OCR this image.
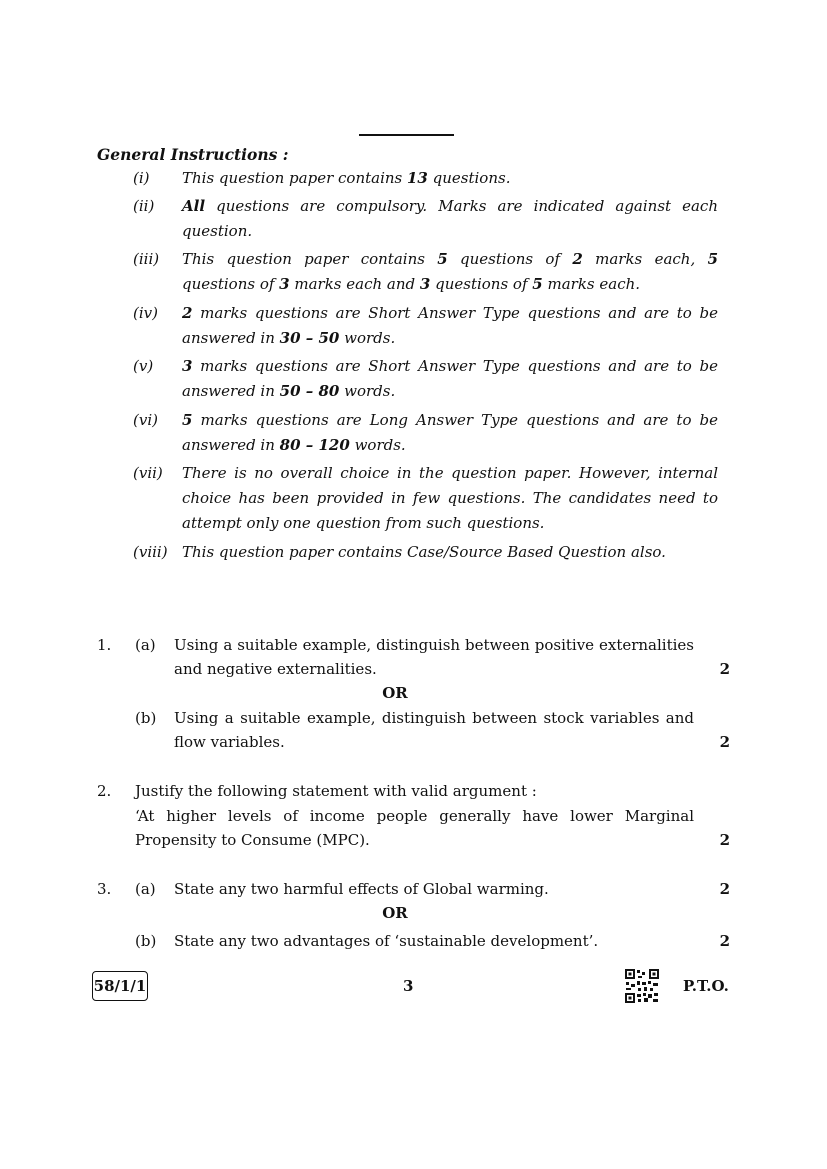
General Instructions :
(i) This question paper contains 13 questions.
(ii) All questions are compulsory. Marks are indicated against each question.
(iii) This question paper contains 5 questions of 2 marks each, 5 questions of 3 marks each and 3 questions of 5 marks each.
(iv) 2 marks questions are Short Answer Type questions and are to be answered in 30 – 50 words.
(v) 3 marks questions are Short Answer Type questions and are to be answered in 50 – 80 words.
(vi) 5 marks questions are Long Answer Type questions and are to be answered in 80 – 120 words.
(vii) There is no overall choice in the question paper. However, internal choice has been provided in few questions. The candidates need to attempt only one question from such questions.
(viii) This question paper contains Case/Source Based Question also.
1. (a) Using a suitable example, distinguish between positive externalities and negative externalities.	2
OR
(b) Using a suitable example, distinguish between stock variables and flow variables.	2
2. Justify the following statement with valid argument :
‘At higher levels of income people generally have lower Marginal Propensity to Consume (MPC).	2
3. (a) State any two harmful effects of Global warming.	2
OR
(b) State any two advantages of ‘sustainable development’.	2
58/1/1	3	P.T.O.
